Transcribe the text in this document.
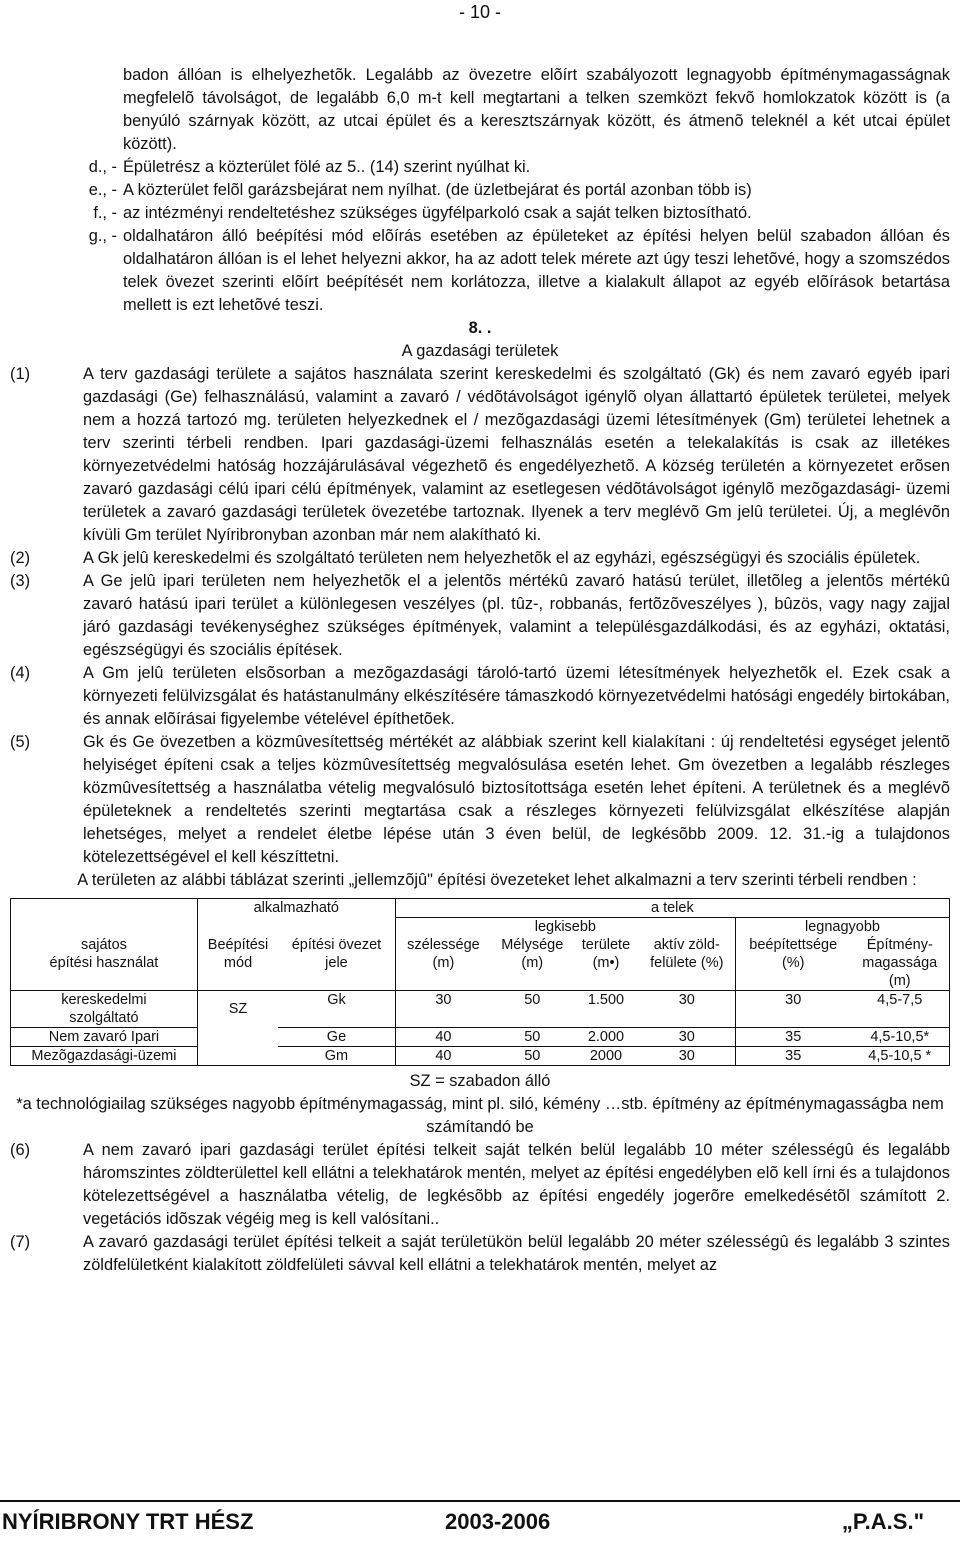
- 10 -

badon állóan is elhelyezhetõk. Legalább az övezetre elõírt szabályozott legnagyobb építménymagasságnak megfelelõ távolságot, de legalább 6,0 m-t kell megtartani a telken szemközt fekvõ homlokzatok között is (a benyúló szárnyak között, az utcai épület és a keresztszárnyak között, és átmenõ teleknél a két utcai épület között).

d., - Épületrész a közterület fölé az 5.. (14) szerint nyúlhat ki.
e., - A közterület felõl garázsbejárat nem nyílhat. (de üzletbejárat és portál azonban több is)
f., - az intézményi rendeltetéshez szükséges ügyfélparkoló csak a saját telken biztosítható.
g., - oldalhatáron álló beépítési mód elõírás esetében az épületeket az építési helyen belül szabadon állóan és oldalhatáron állóan is el lehet helyezni akkor, ha az adott telek mérete azt úgy teszi lehetõvé, hogy a szomszédos telek övezet szerinti elõírt beépítését nem korlátozza, illetve a kialakult állapot az egyéb elõírások betartása mellett is ezt lehetõvé teszi.

8. .

A gazdasági területek

(1)	A terv gazdasági területe a sajátos használata szerint kereskedelmi és szolgáltató (Gk) és nem zavaró egyéb ipari gazdasági (Ge) felhasználású, valamint a zavaró / védõtávolságot igénylõ olyan állattartó épületek területei, melyek nem a hozzá tartozó mg. területen helyezkednek el / mezõgazdasági üzemi létesítmények (Gm) területei lehetnek a terv szerinti térbeli rendben. Ipari gazdasági-üzemi felhasználás esetén a telekalakítás is csak az illetékes környezetvédelmi hatóság hozzájárulásával végezhetõ és engedélyezhetõ. A község területén a környezetet erõsen zavaró gazdasági célú ipari célú építmények, valamint az esetlegesen védõtávolságot igénylõ mezõgazdasági- üzemi területek a zavaró gazdasági területek övezetébe tartoznak. Ilyenek a terv meglévõ Gm jelû területei. Új, a meglévõn kívüli Gm terület Nyíribronyban azonban már nem alakítható ki.
(2)	A Gk jelû kereskedelmi és szolgáltató területen nem helyezhetõk el az egyházi, egészségügyi és szociális épületek.
(3)	A Ge jelû ipari területen nem helyezhetõk el a jelentõs mértékû zavaró hatású terület, illetõleg a jelentõs mértékû zavaró hatású ipari terület a különlegesen veszélyes (pl. tûz-, robbanás, fertõzõveszélyes ), bûzös, vagy nagy zajjal járó gazdasági tevékenységhez szükséges építmények, valamint a településgazdálkodási, és az egyházi, oktatási, egészségügyi és szociális építések.
(4)	A Gm jelû területen elsõsorban a mezõgazdasági tároló-tartó üzemi létesítmények helyezhetõk el. Ezek csak a környezeti felülvizsgálat és hatástanulmány elkészítésére támaszkodó környezetvédelmi hatósági engedély birtokában, és annak elõírásai figyelembe vételével építhetõek.
(5)	Gk és Ge övezetben a közmûvesítettség mértékét az alábbiak szerint kell kialakítani : új rendeltetési egységet jelentõ helyiséget építeni csak a teljes közmûvesítettség megvalósulása esetén lehet. Gm övezetben a legalább részleges közmûvesítettség a használatba vételig megvalósuló biztosítottsága esetén lehet építeni. A területnek és a meglévõ épületeknek a rendeltetés szerinti megtartása csak a részleges környezeti felülvizsgálat elkészítése alapján lehetséges, melyet a rendelet életbe lépése után 3 éven belül, de legkésõbb 2009. 12. 31.-ig a tulajdonos kötelezettségével el kell készíttetni.

A területen az alábbi táblázat szerinti „jellemzõjû" építési övezeteket lehet alkalmazni a terv szerinti térbeli rendben :

	alkalmazható		a telek					
			legkisebb				legnagyobb	
sajátos	Beépítési	építési övezet	szélessége	Mélysége	területe	aktív zöld-	beépítettsége	Építmény-
építési használat	mód	jele	(m)	(m)	(m•)	felülete (%)	(%)	magassága
								(m)
kereskedelmi	SZ	Gk	30	50	1.500	30	30	4,5-7,5
szolgáltató								
Nem zavaró Ipari		Ge	40	50	2.000	30	35	4,5-10,5*
Mezõgazdasági-üzemi		Gm	40	50	2000	30	35	4,5-10,5 *

SZ = szabadon álló

*a technológiailag szükséges nagyobb építménymagasság, mint pl. siló, kémény …stb. építmény az építménymagasságba nem számítandó be

(6)	A nem zavaró ipari gazdasági terület építési telkeit saját telkén belül legalább 10 méter szélességû és legalább háromszintes zöldterülettel kell ellátni a telekhatárok mentén, melyet az építési engedélyben elõ kell írni és a tulajdonos kötelezettségével a használatba vételig, de legkésõbb az építési engedély jogerõre emelkedésétõl számított 2. vegetációs idõszak végéig meg is kell valósítani..
(7)	A zavaró gazdasági terület építési telkeit a saját területükön belül legalább 20 méter szélességû és legalább 3 szintes zöldfelületként kialakított zöldfelületi sávval kell ellátni a telekhatárok mentén, melyet az
NYÍRIBRONY TRT HÉSZ	2003-2006	„P.A.S."
